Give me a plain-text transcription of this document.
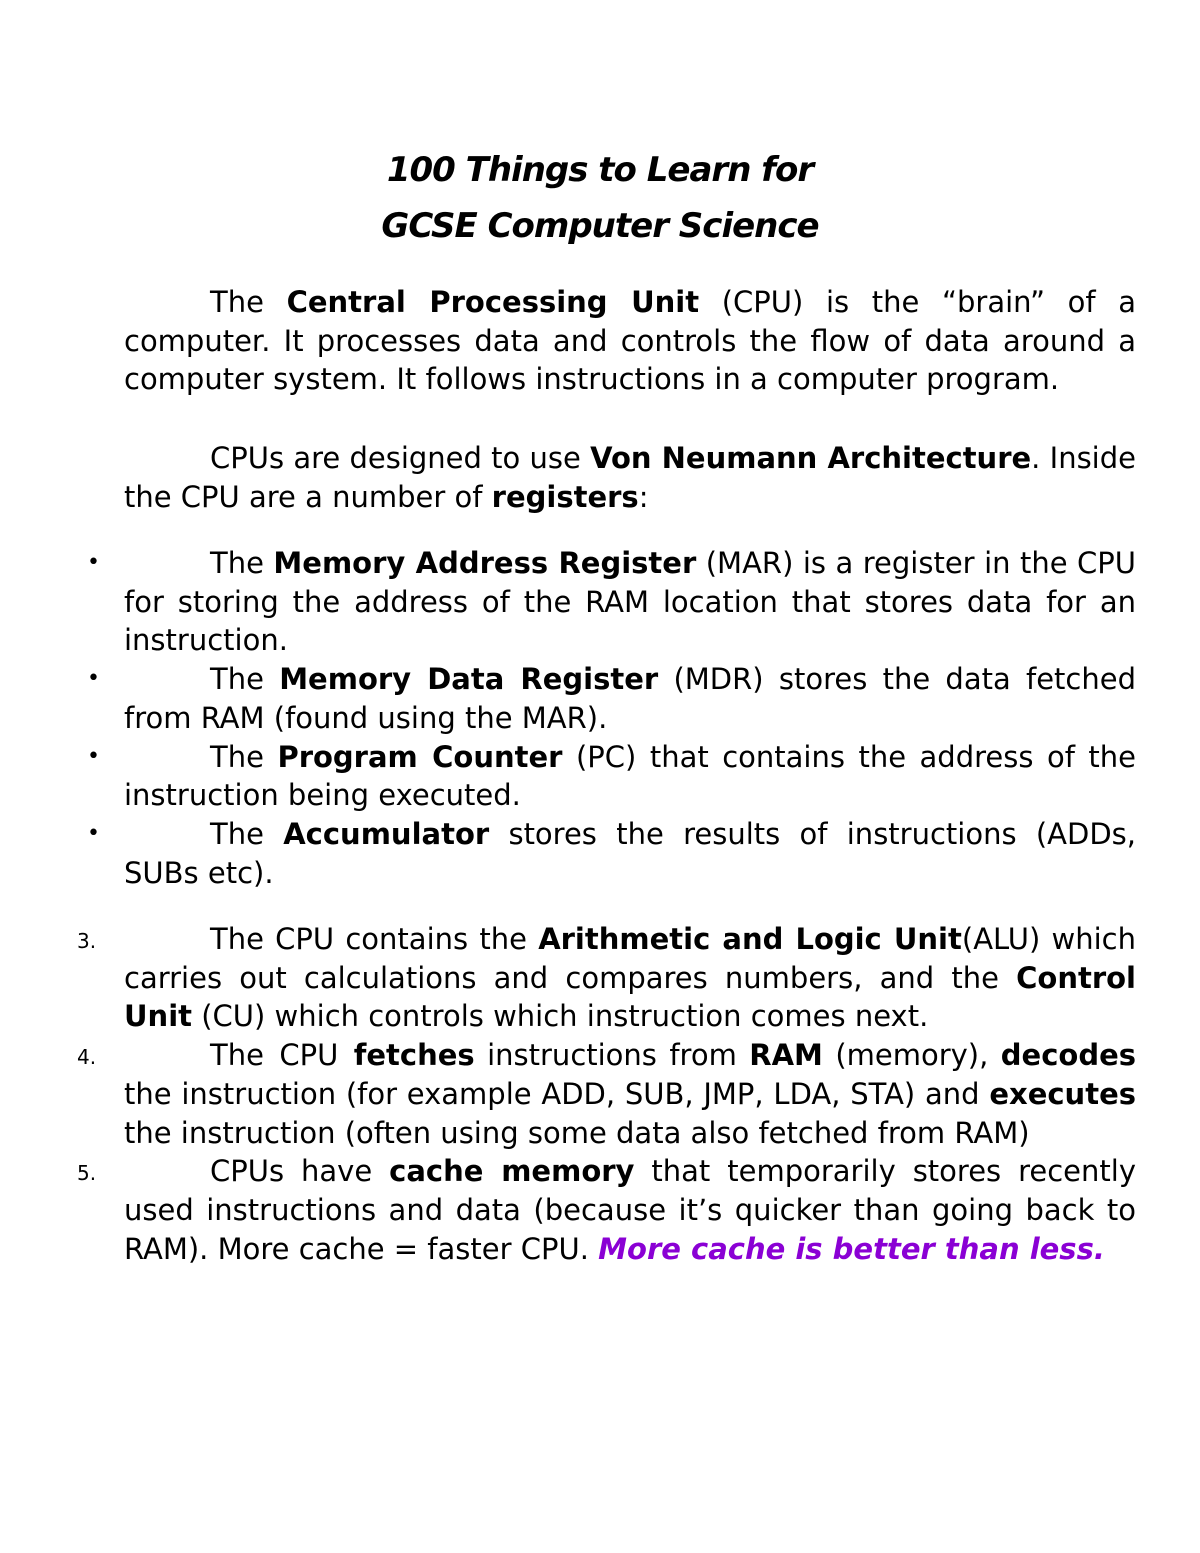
100 Things to Learn for
GCSE Computer Science
The Central Processing Unit (CPU) is the “brain” of a computer. It processes data and controls the flow of data around a computer system. It follows instructions in a computer program.
CPUs are designed to use Von Neumann Architecture. Inside the CPU are a number of registers:
• The Memory Address Register (MAR) is a register in the CPU for storing the address of the RAM location that stores data for an instruction.
• The Memory Data Register (MDR) stores the data fetched from RAM (found using the MAR).
• The Program Counter (PC) that contains the address of the instruction being executed.
• The Accumulator stores the results of instructions (ADDs, SUBs etc).
3.	The CPU contains the Arithmetic and Logic Unit(ALU) which carries out calculations and compares numbers, and the Control Unit (CU) which controls which instruction comes next.
4.	The CPU fetches instructions from RAM (memory), decodes the instruction (for example ADD, SUB, JMP, LDA, STA) and executes the instruction (often using some data also fetched from RAM)
5.	CPUs have cache memory that temporarily stores recently used instructions and data (because it’s quicker than going back to RAM). More cache = faster CPU. More cache is better than less.
